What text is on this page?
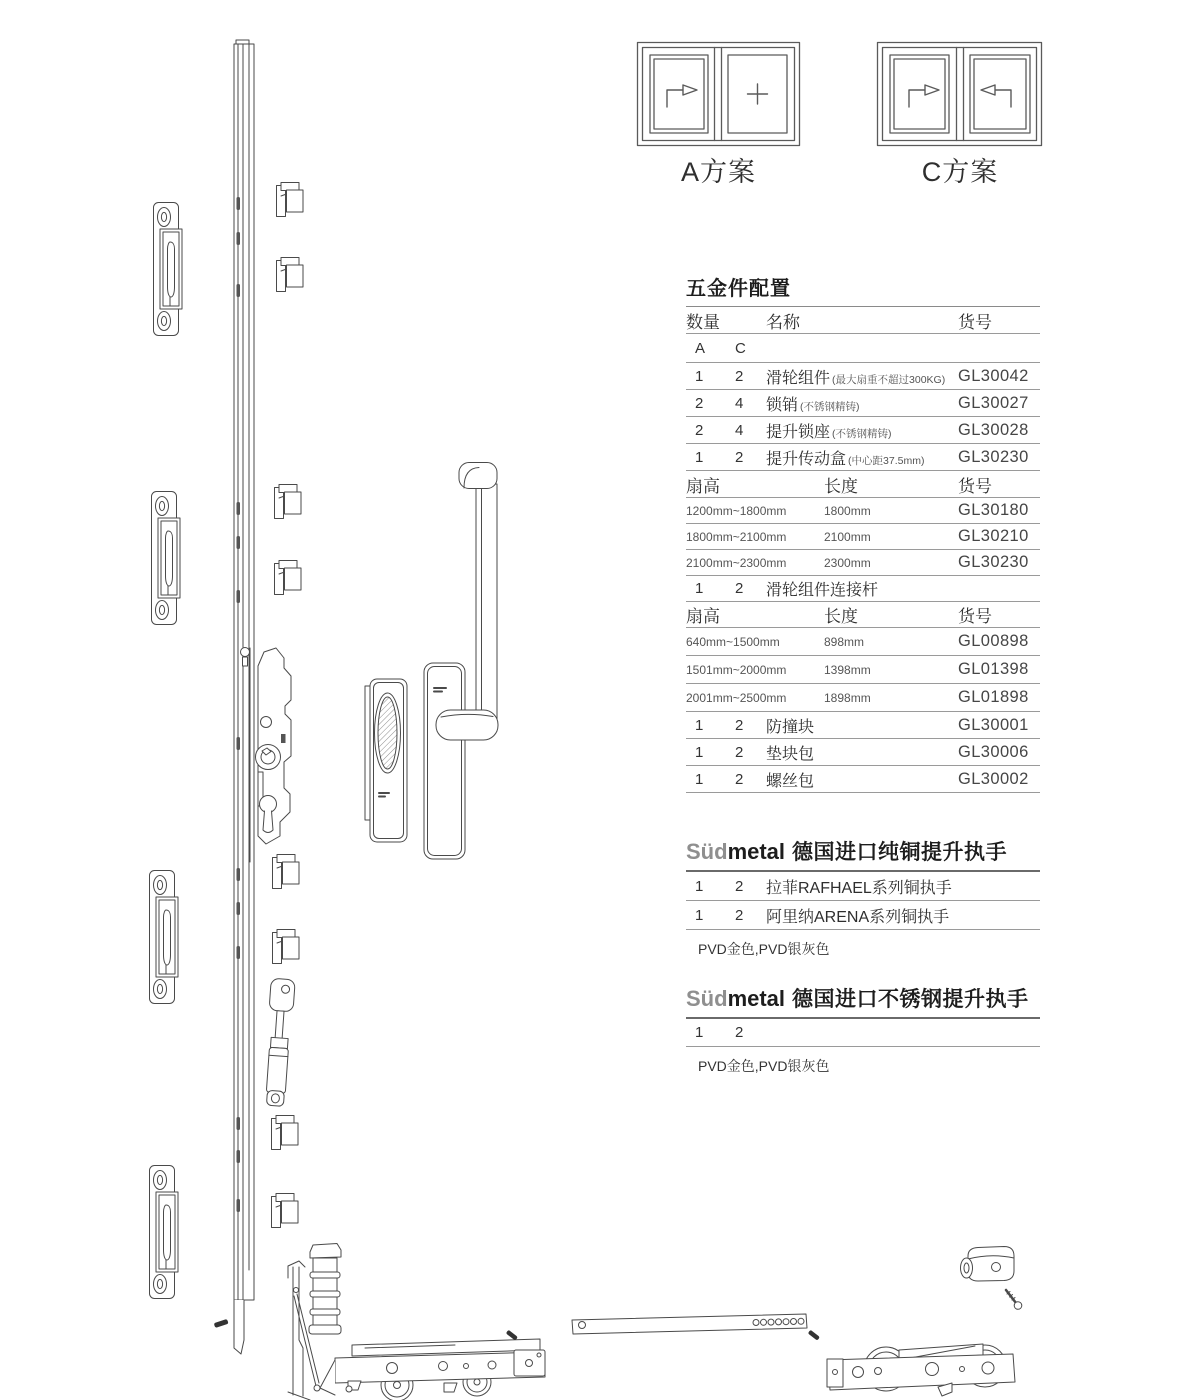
A方案	C方案
五金件配置
数量	名称	货号
A	C
1	2	滑轮组件 (最大扇重不超过300KG) GL30042
2	4	锁销 (不锈钢精铸)	GL30027
2	4	提升锁座 (不锈钢精铸)	GL30028
1	2	提升传动盒 (中心距37.5mm)	GL30230
扇高	长度	货号
1200mm~1800mm	1800mm	GL30180
1800mm~2100mm	2100mm	GL30210
2100mm~2300mm	2300mm	GL30230
1	2	滑轮组件连接杆
扇高	长度	货号
640mm~1500mm	898mm	GL00898
1501mm~2000mm	1398mm	GL01398
2001mm~2500mm	1898mm	GL01898
1	2	防撞块	GL30001
1	2	垫块包	GL30006
1	2	螺丝包	GL30002
Süd metal 德国进口纯铜提升执手
1	2	拉菲RAFHAEL系列铜执手
1	2	阿里纳ARENA系列铜执手
PVD金色,PVD银灰色
Süd metal 德国进口不锈钢提升执手
1	2
PVD金色,PVD银灰色
